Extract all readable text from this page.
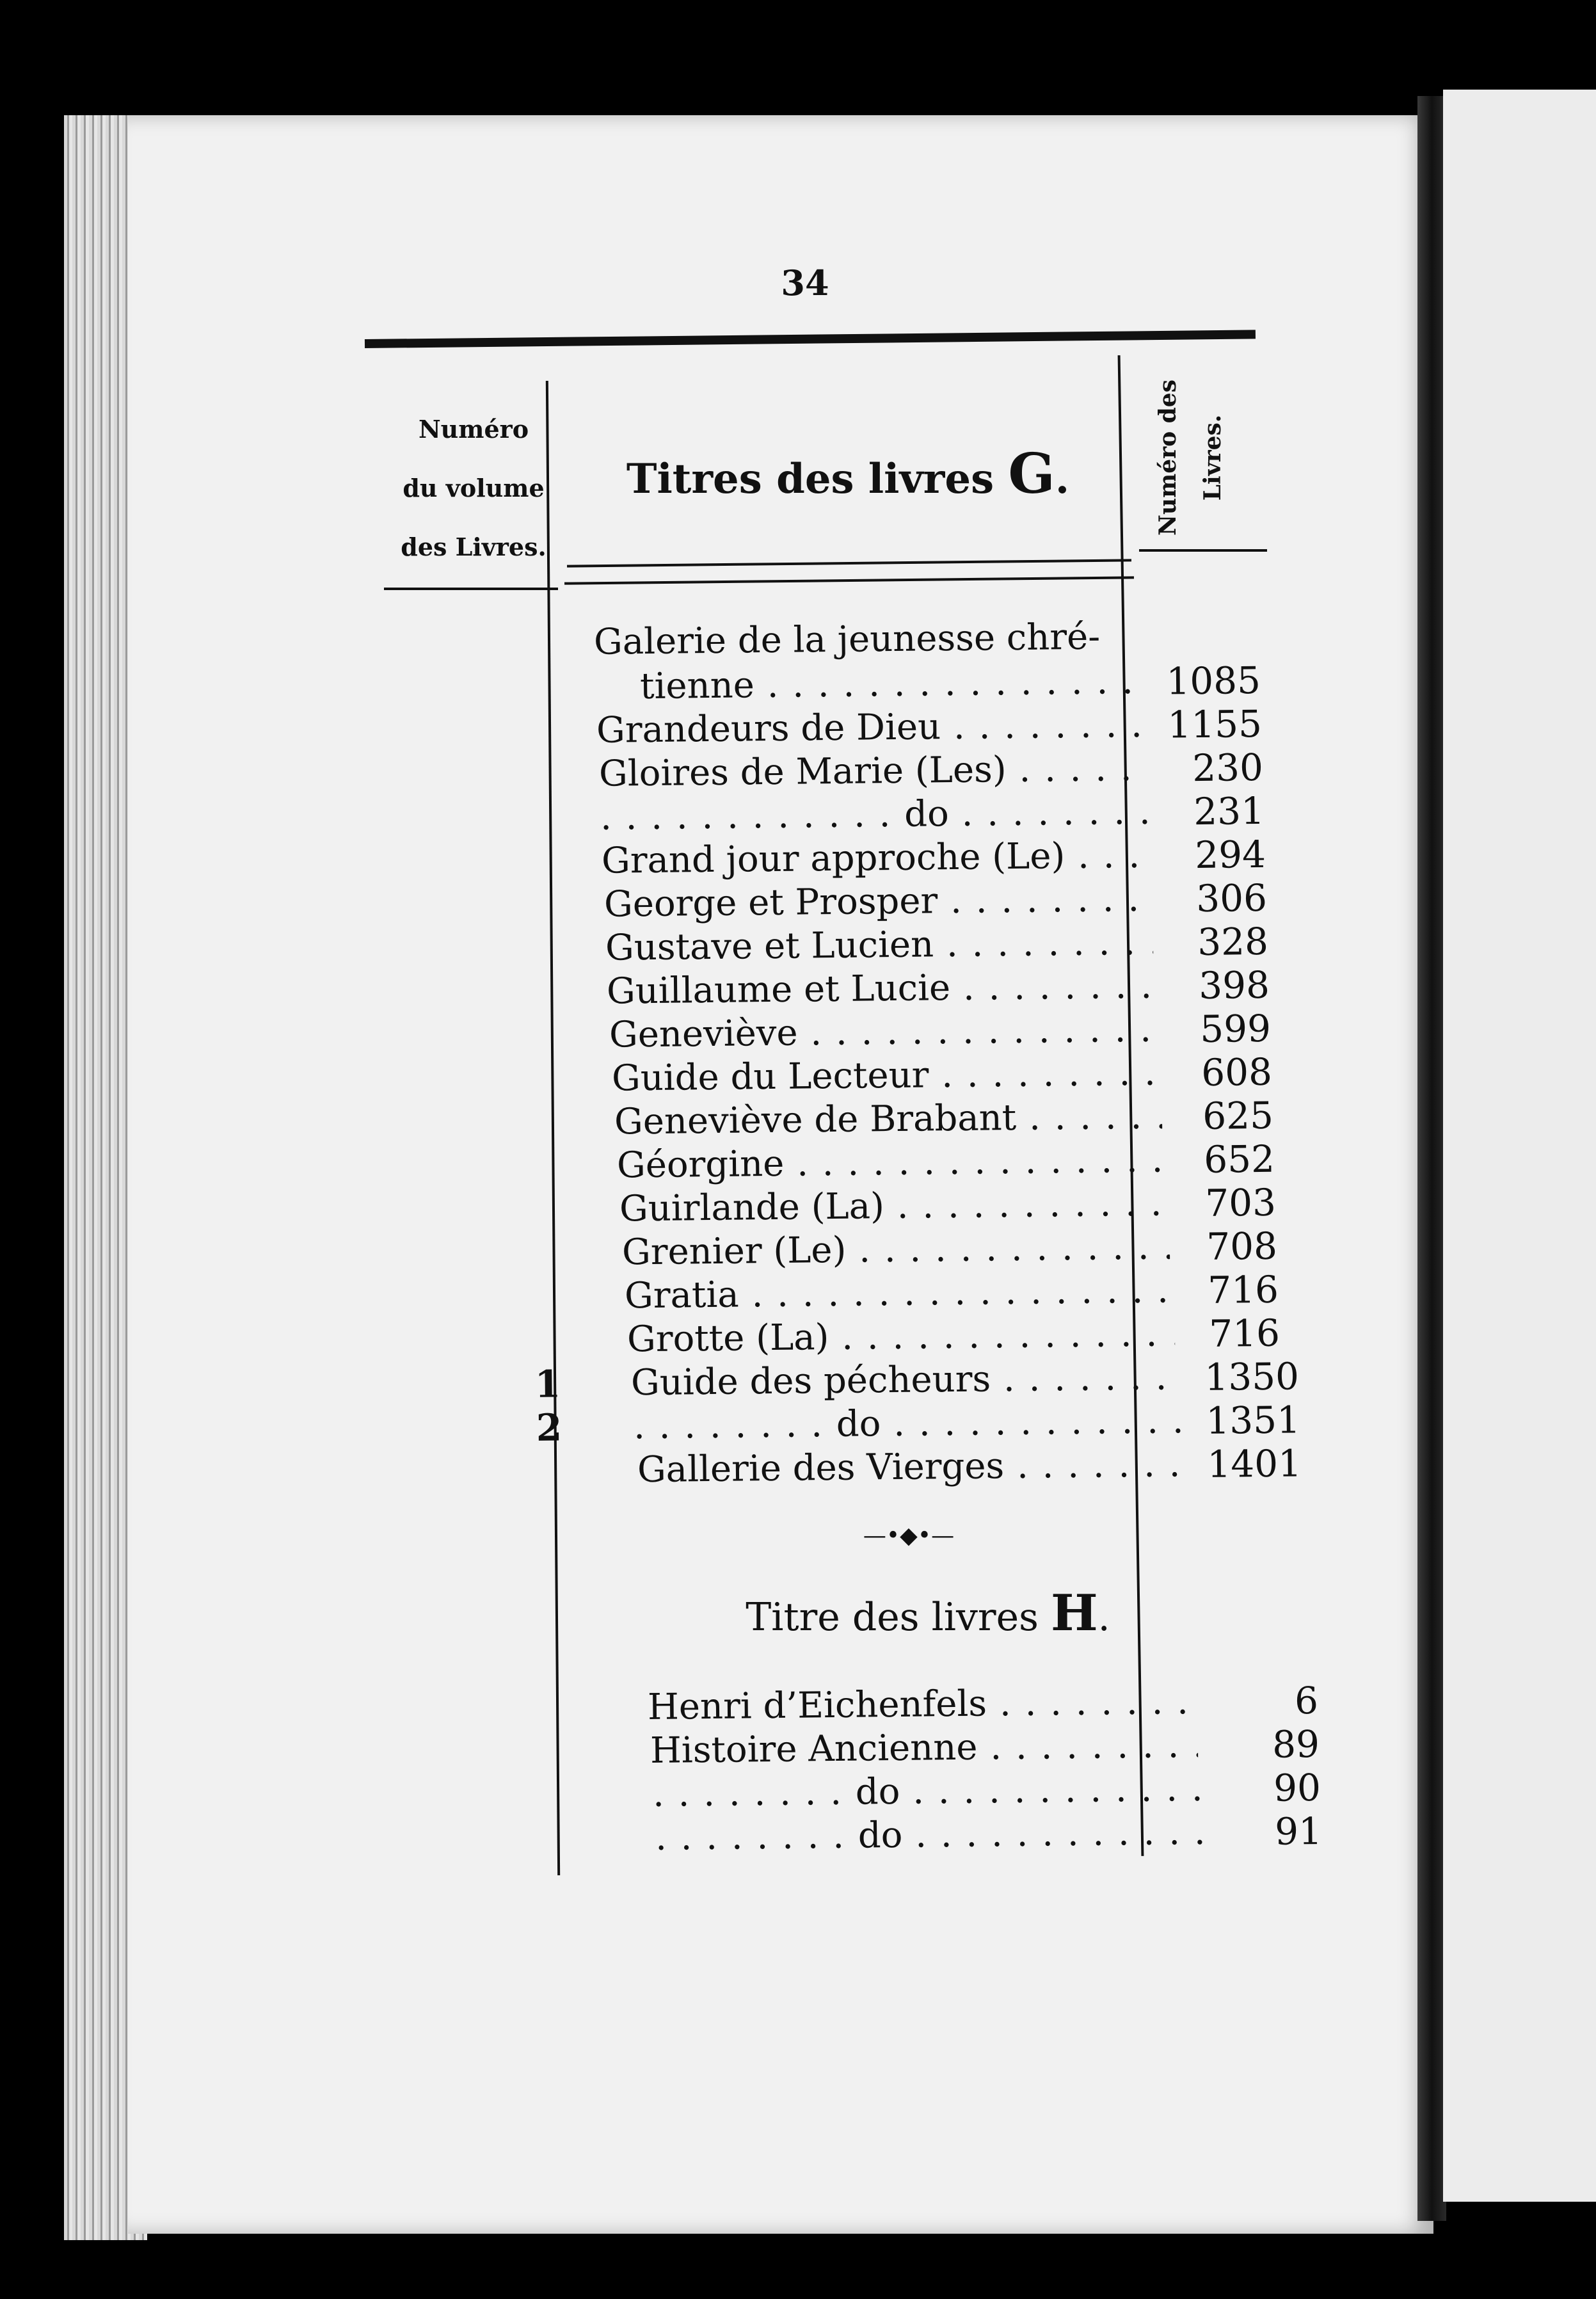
34
Numéro
du volume
des Livres.
Titres des livres G.	Numéro des Livres.
Galerie de la jeunesse chré-
tienne . . .	1085
Grandeurs de Dieu . . .	1155
Gloires de Marie (Les) . . .	230
. . . . . . . . . . . . do . . .	231
Grand jour approche (Le) . . .	294
George et Prosper . . .	306
Gustave et Lucien . . .	328
Guillaume et Lucie . . .	398
Geneviève . . .	599
Guide du Lecteur . . .	608
Geneviève de Brabant . . .	625
Géorgine . . .	652
Guirlande (La) . . .	703
Grenier (Le) . . .	708
Gratia . . .	716
Grotte (La) . . .	716
1 Guide des pécheurs . . .	1350
2 . . . . . . . . do . . .	1351
Gallerie des Vierges . . .	1401
—•◆•—
Titre des livres H.
Henri d’Eichenfels . . .	6
Histoire Ancienne . . .	89
. . . . . . . . do . . .	90
. . . . . . . . do . . .	91
